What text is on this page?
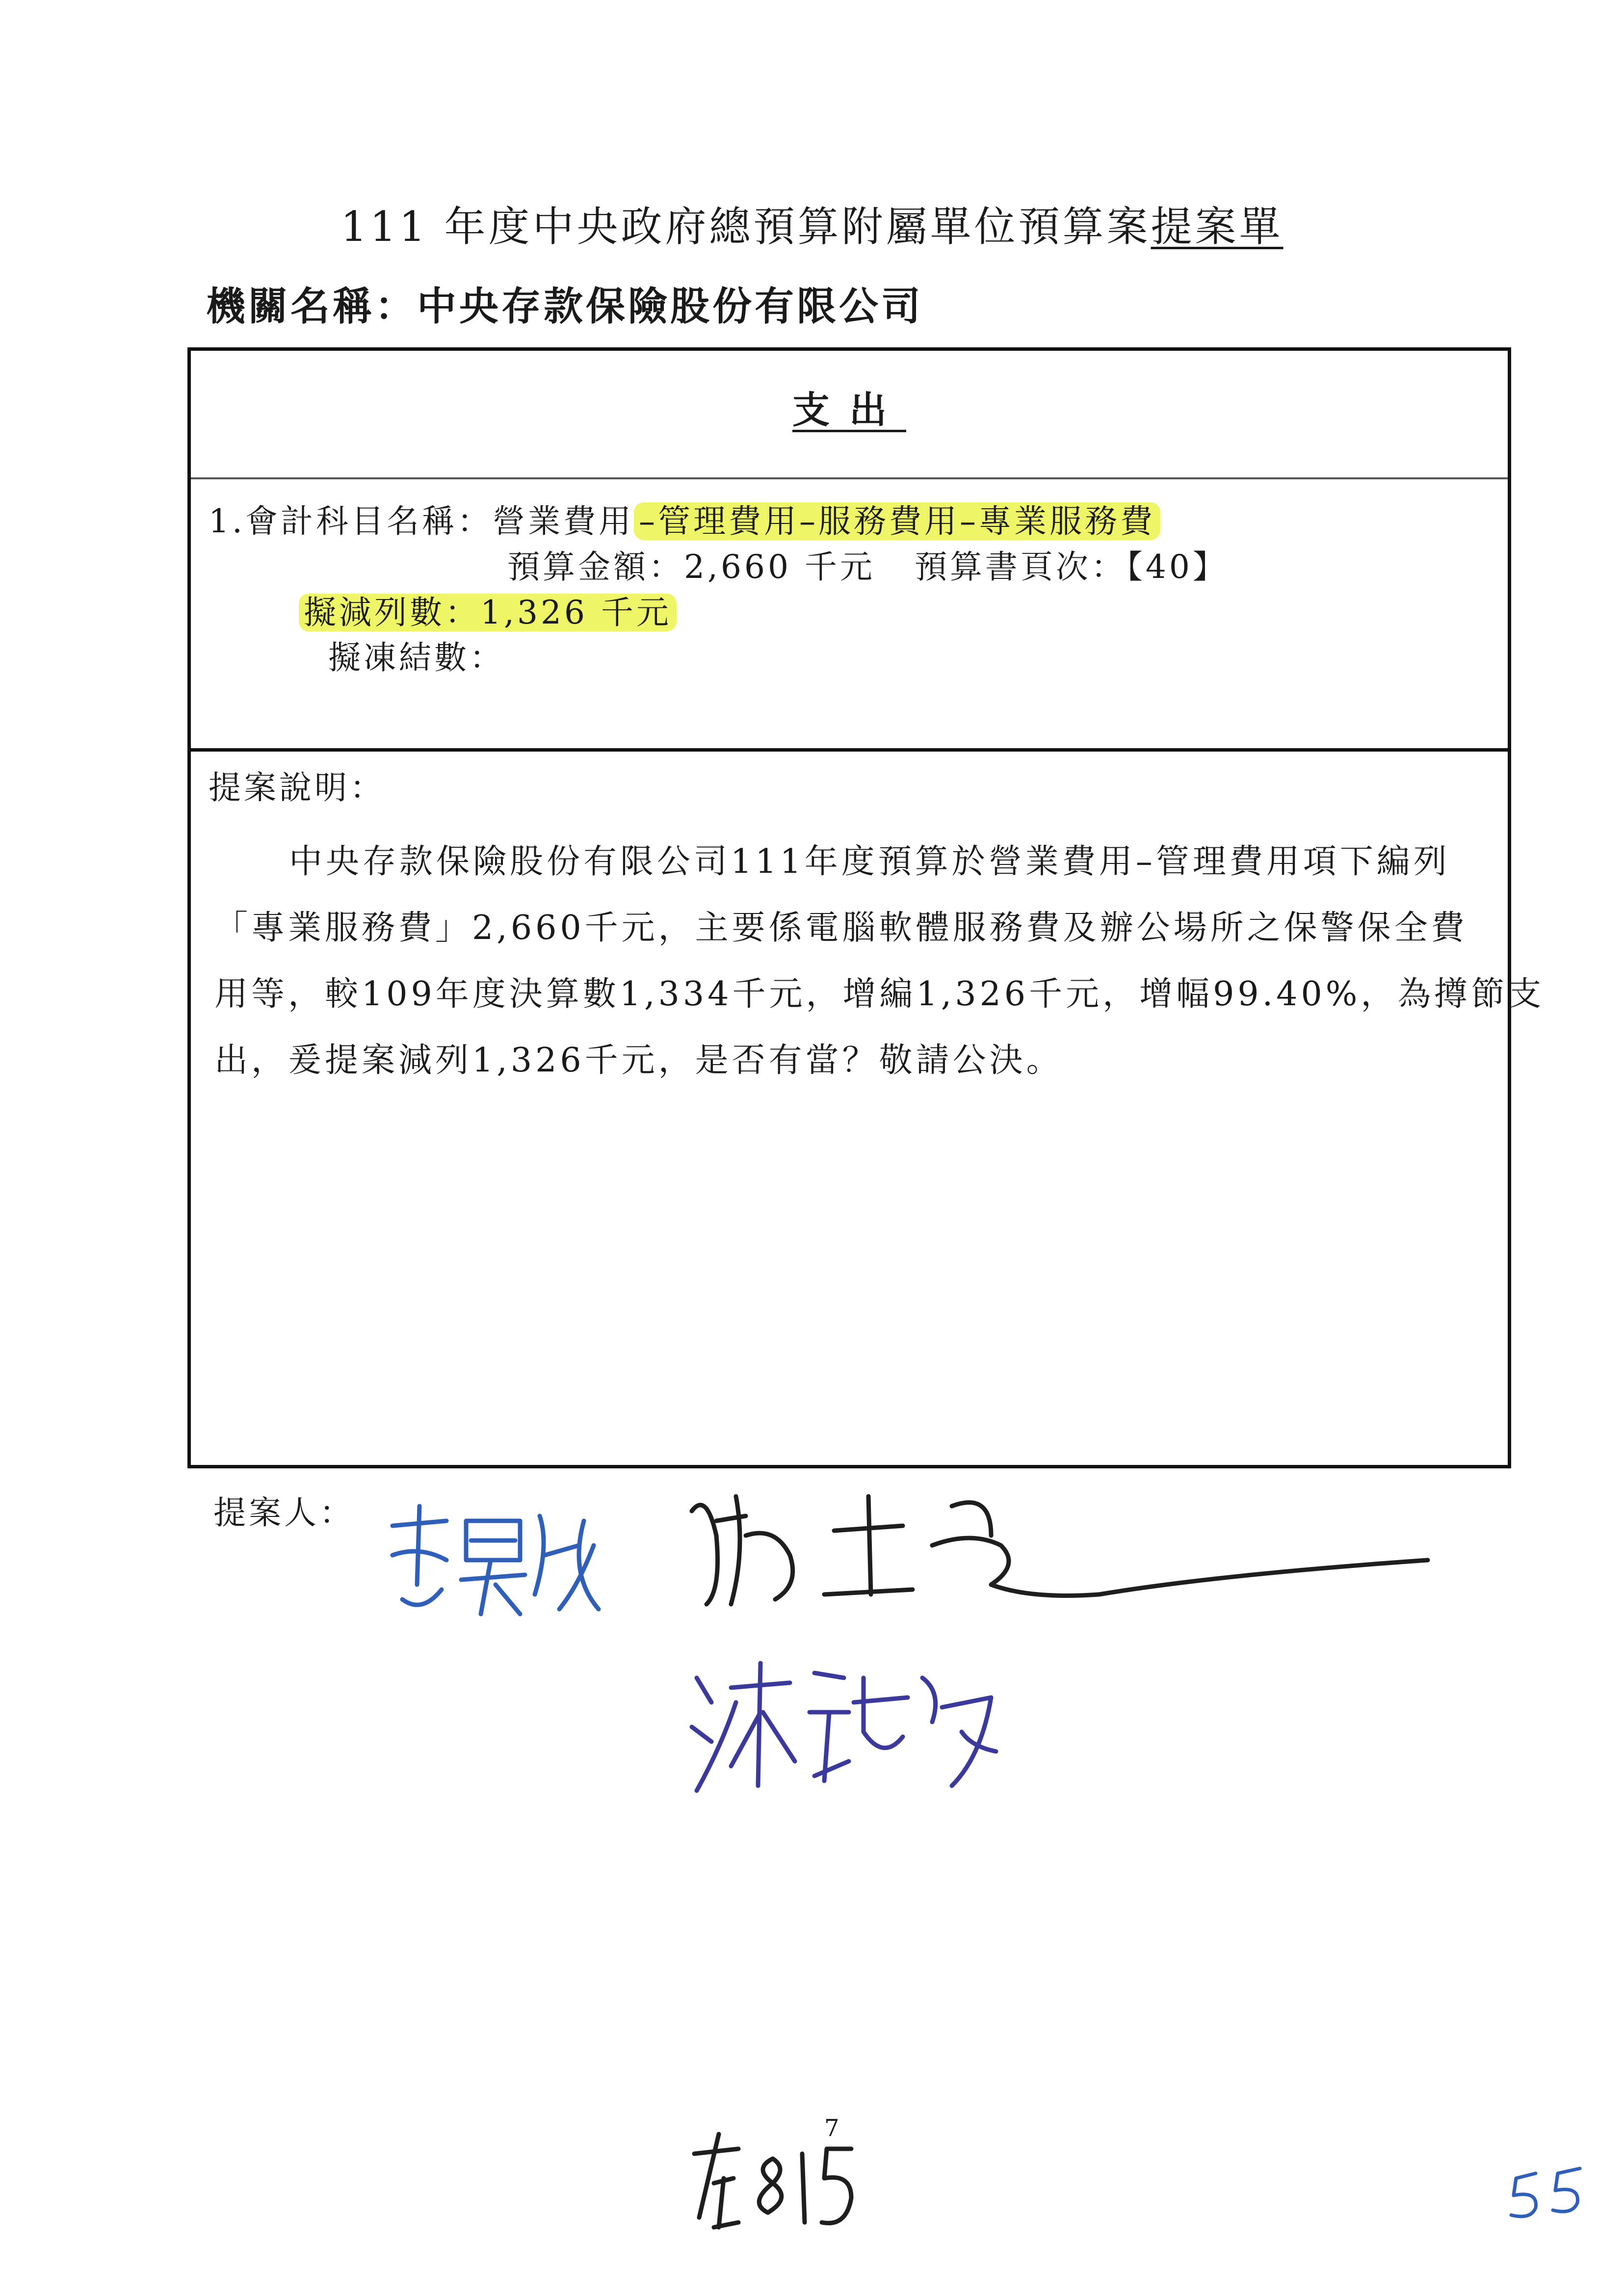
111 年度中央政府總預算附屬單位預算案提案單
機關名稱：中央存款保險股份有限公司
支出
1.會計科目名稱：營業費用 –管理費用–服務費用–專業服務費
預算金額：2,660 千元 預算書頁次：【40】
擬減列數：1,326 千元
擬凍結數：
提案說明：
中央存款保險股份有限公司111年度預算於營業費用–管理費用項下編列
「專業服務費」2,660千元，主要係電腦軟體服務費及辦公場所之保警保全費
用等，較109年度決算數1,334千元，增編1,326千元，增幅99.40%，為撙節支
出，爰提案減列1,326千元，是否有當？敬請公決。
提案人：
7
